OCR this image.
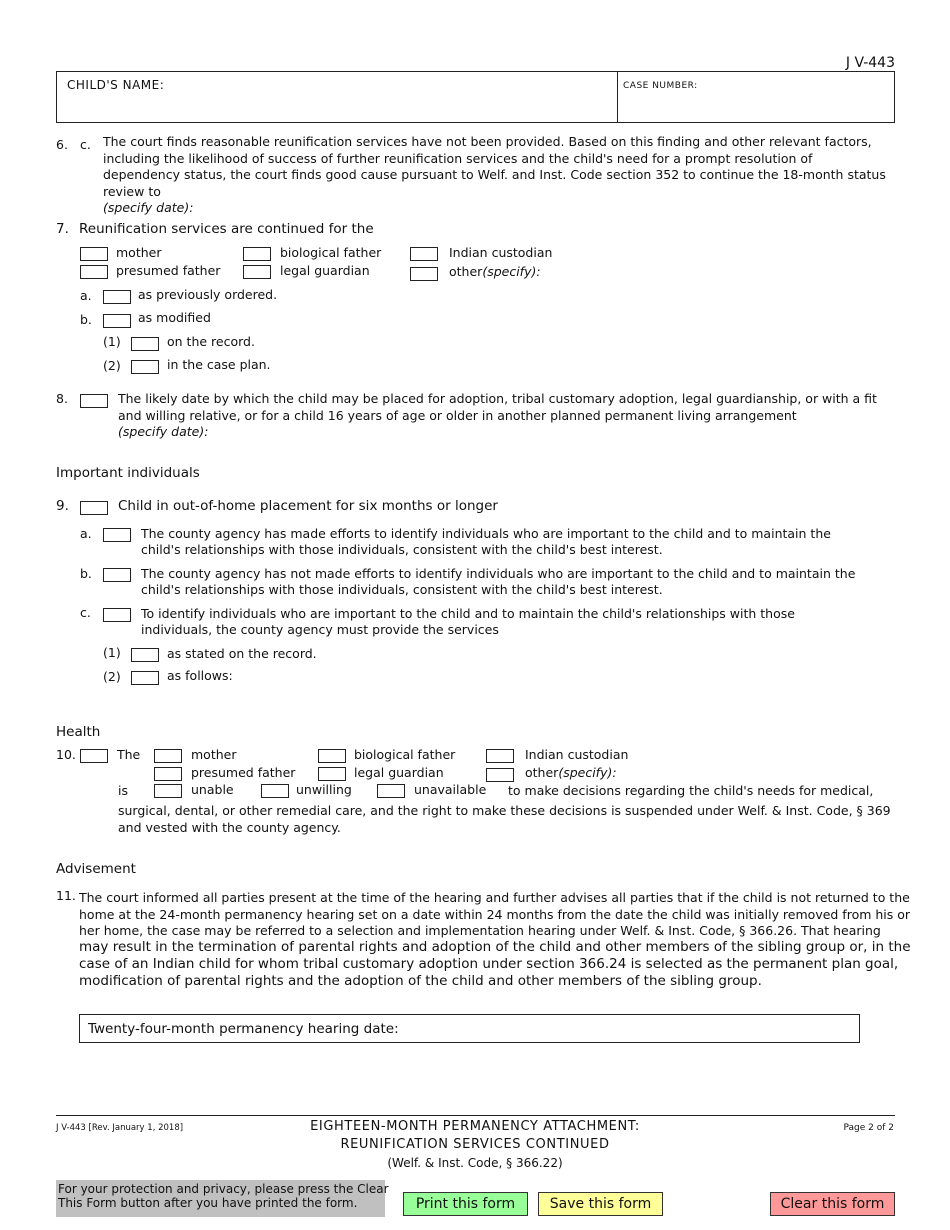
J V-443
CHILD'S NAME:	CASE NUMBER:
6. c. The court finds reasonable reunification services have not been provided. Based on this finding and other relevant factors, including the likelihood of success of further reunification services and the child's need for a prompt resolution of dependency status, the court finds good cause pursuant to Welf. and Inst. Code section 352 to continue the 18-month status review to
(specify date):
7. Reunification services are continued for the
mother	biological father	Indian custodian
presumed father	legal guardian	other(specify):
a.	as previously ordered.
b.	as modified
(1)	on the record.
(2)	in the case plan.
8.	The likely date by which the child may be placed for adoption, tribal customary adoption, legal guardianship, or with a fit and willing relative, or for a child 16 years of age or older in another planned permanent living arrangement
(specify date):
Important individuals
9.	Child in out-of-home placement for six months or longer
a.	The county agency has made efforts to identify individuals who are important to the child and to maintain the
child's relationships with those individuals, consistent with the child's best interest.
b.	The county agency has not made efforts to identify individuals who are important to the child and to maintain the
child's relationships with those individuals, consistent with the child's best interest.
c.	To identify individuals who are important to the child and to maintain the child's relationships with those
individuals, the county agency must provide the services
(1)	as stated on the record.
(2)	as follows:
Health
10.	The	mother	biological father	Indian custodian
presumed father	legal guardian	other(specify):
is	unable	unwilling	unavailable to make decisions regarding the child's needs for medical,
surgical, dental, or other remedial care, and the right to make these decisions is suspended under Welf. & Inst. Code, § 369
and vested with the county agency.
Advisement
11. The court informed all parties present at the time of the hearing and further advises all parties that if the child is not returned to the
home at the 24-month permanency hearing set on a date within 24 months from the date the child was initially removed from his or
her home, the case may be referred to a selection and implementation hearing under Welf. & Inst. Code, § 366.26. That hearing
may result in the termination of parental rights and adoption of the child and other members of the sibling group or, in the
case of an Indian child for whom tribal customary adoption under section 366.24 is selected as the permanent plan goal,
modification of parental rights and the adoption of the child and other members of the sibling group.
Twenty-four-month permanency hearing date:
J V-443 [Rev. January 1, 2018]	EIGHTEEN-MONTH PERMANENCY ATTACHMENT:
REUNIFICATION SERVICES CONTINUED
(Welf. & Inst. Code, § 366.22)
Page 2 of 2
For your protection and privacy, please press the Clear
This Form button after you have printed the form.	Print this form	Save this form	Clear this form
